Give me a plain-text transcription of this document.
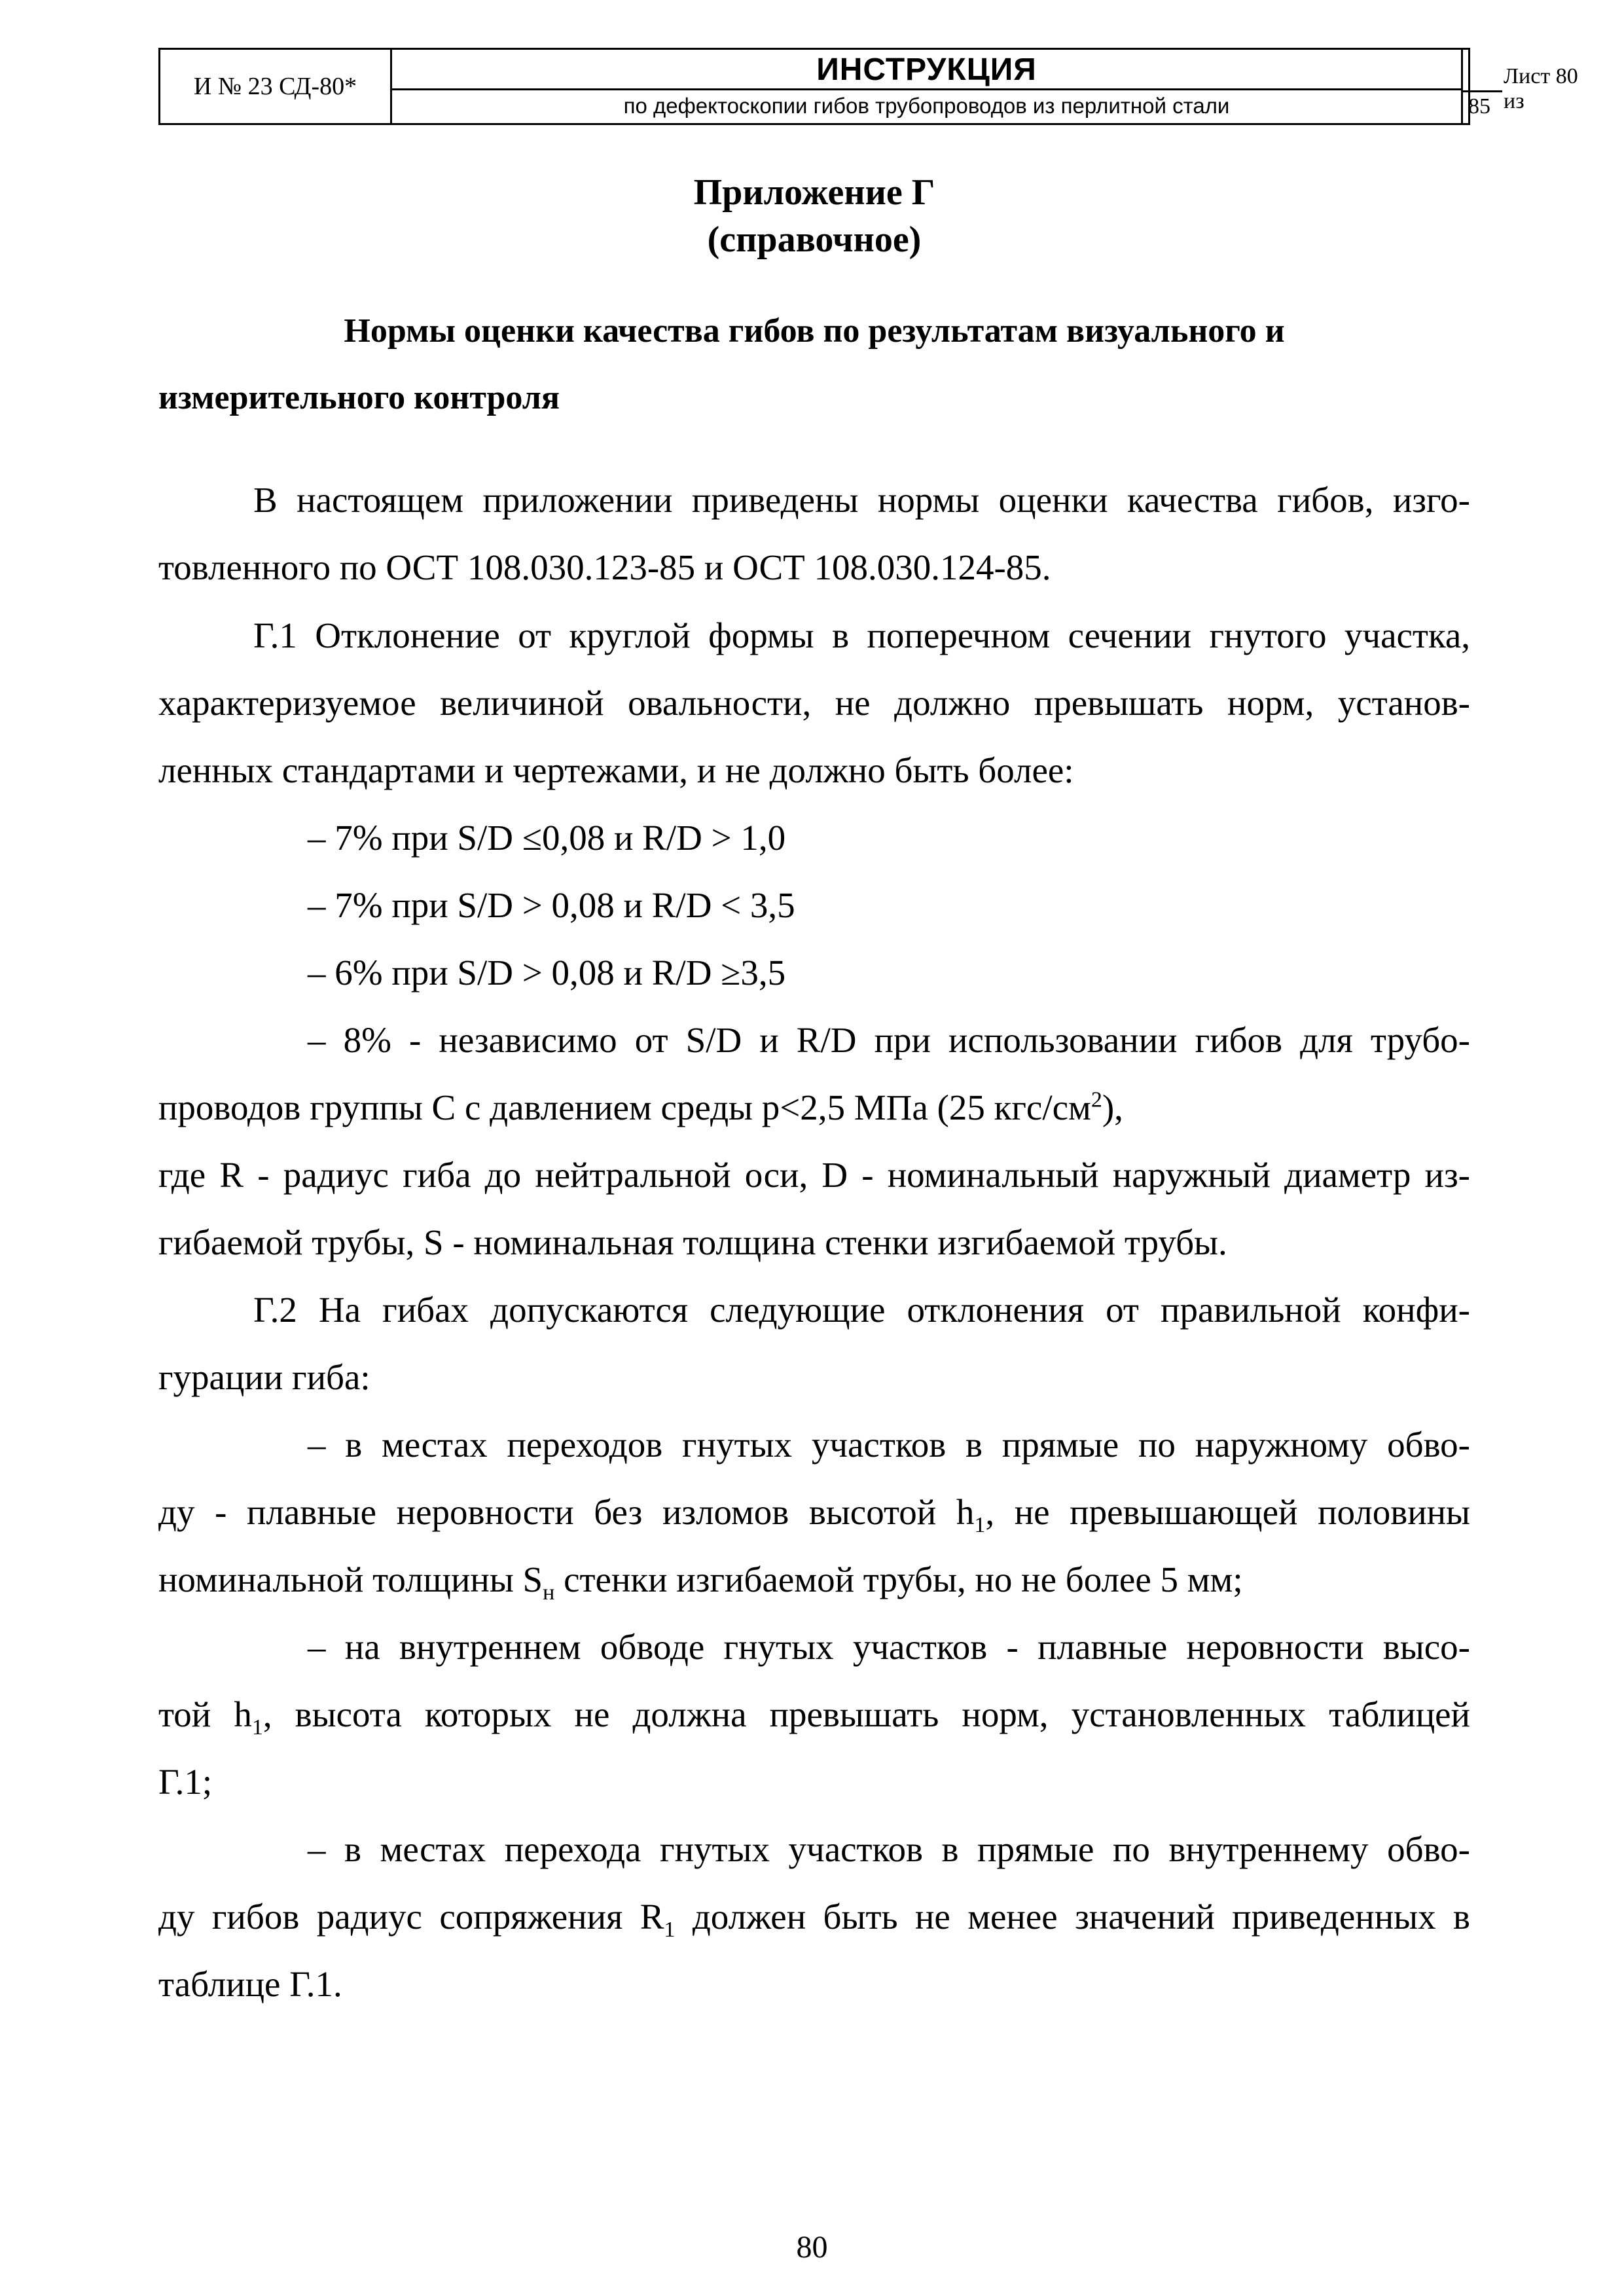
И № 23 СД-80*	ИНСТРУКЦИЯ
по дефектоскопии гибов трубопроводов из перлитной стали
Лист 80 из
85
Приложение Г
(справочное)
Нормы оценки качества гибов по результатам визуального и
измерительного контроля
В настоящем приложении приведены нормы оценки качества гибов, изго-
товленного по ОСТ 108.030.123-85 и ОСТ 108.030.124-85.
Г.1 Отклонение от круглой формы в поперечном сечении гнутого участка,
характеризуемое величиной овальности, не должно превышать норм, установ-
ленных стандартами и чертежами, и не должно быть более:
– 7% при S/D ≤0,08 и R/D > 1,0
– 7% при S/D > 0,08 и R/D < 3,5
– 6% при S/D > 0,08 и R/D ≥3,5
– 8% - независимо от S/D и R/D при использовании гибов для трубо-
проводов группы С с давлением среды р<2,5 МПа (25 кгс/$см^2$),
где R - радиус гиба до нейтральной оси, D - номинальный наружный диаметр из-
гибаемой трубы, S - номинальная толщина стенки изгибаемой трубы.
Г.2 На гибах допускаются следующие отклонения от правильной конфи-
гурации гиба:
– в местах переходов гнутых участков в прямые по наружному обво-
ду - плавные неровности без изломов высотой $h_1$, не превышающей половины
номинальной толщины $S_н$ стенки изгибаемой трубы, но не более 5 мм;
– на внутреннем обводе гнутых участков - плавные неровности высо-
той $h_1$, высота которых не должна превышать норм, установленных таблицей
Г.1;
– в местах перехода гнутых участков в прямые по внутреннему обво-
ду гибов радиус сопряжения $R_1$ должен быть не менее значений приведенных в
таблице Г.1.
80
